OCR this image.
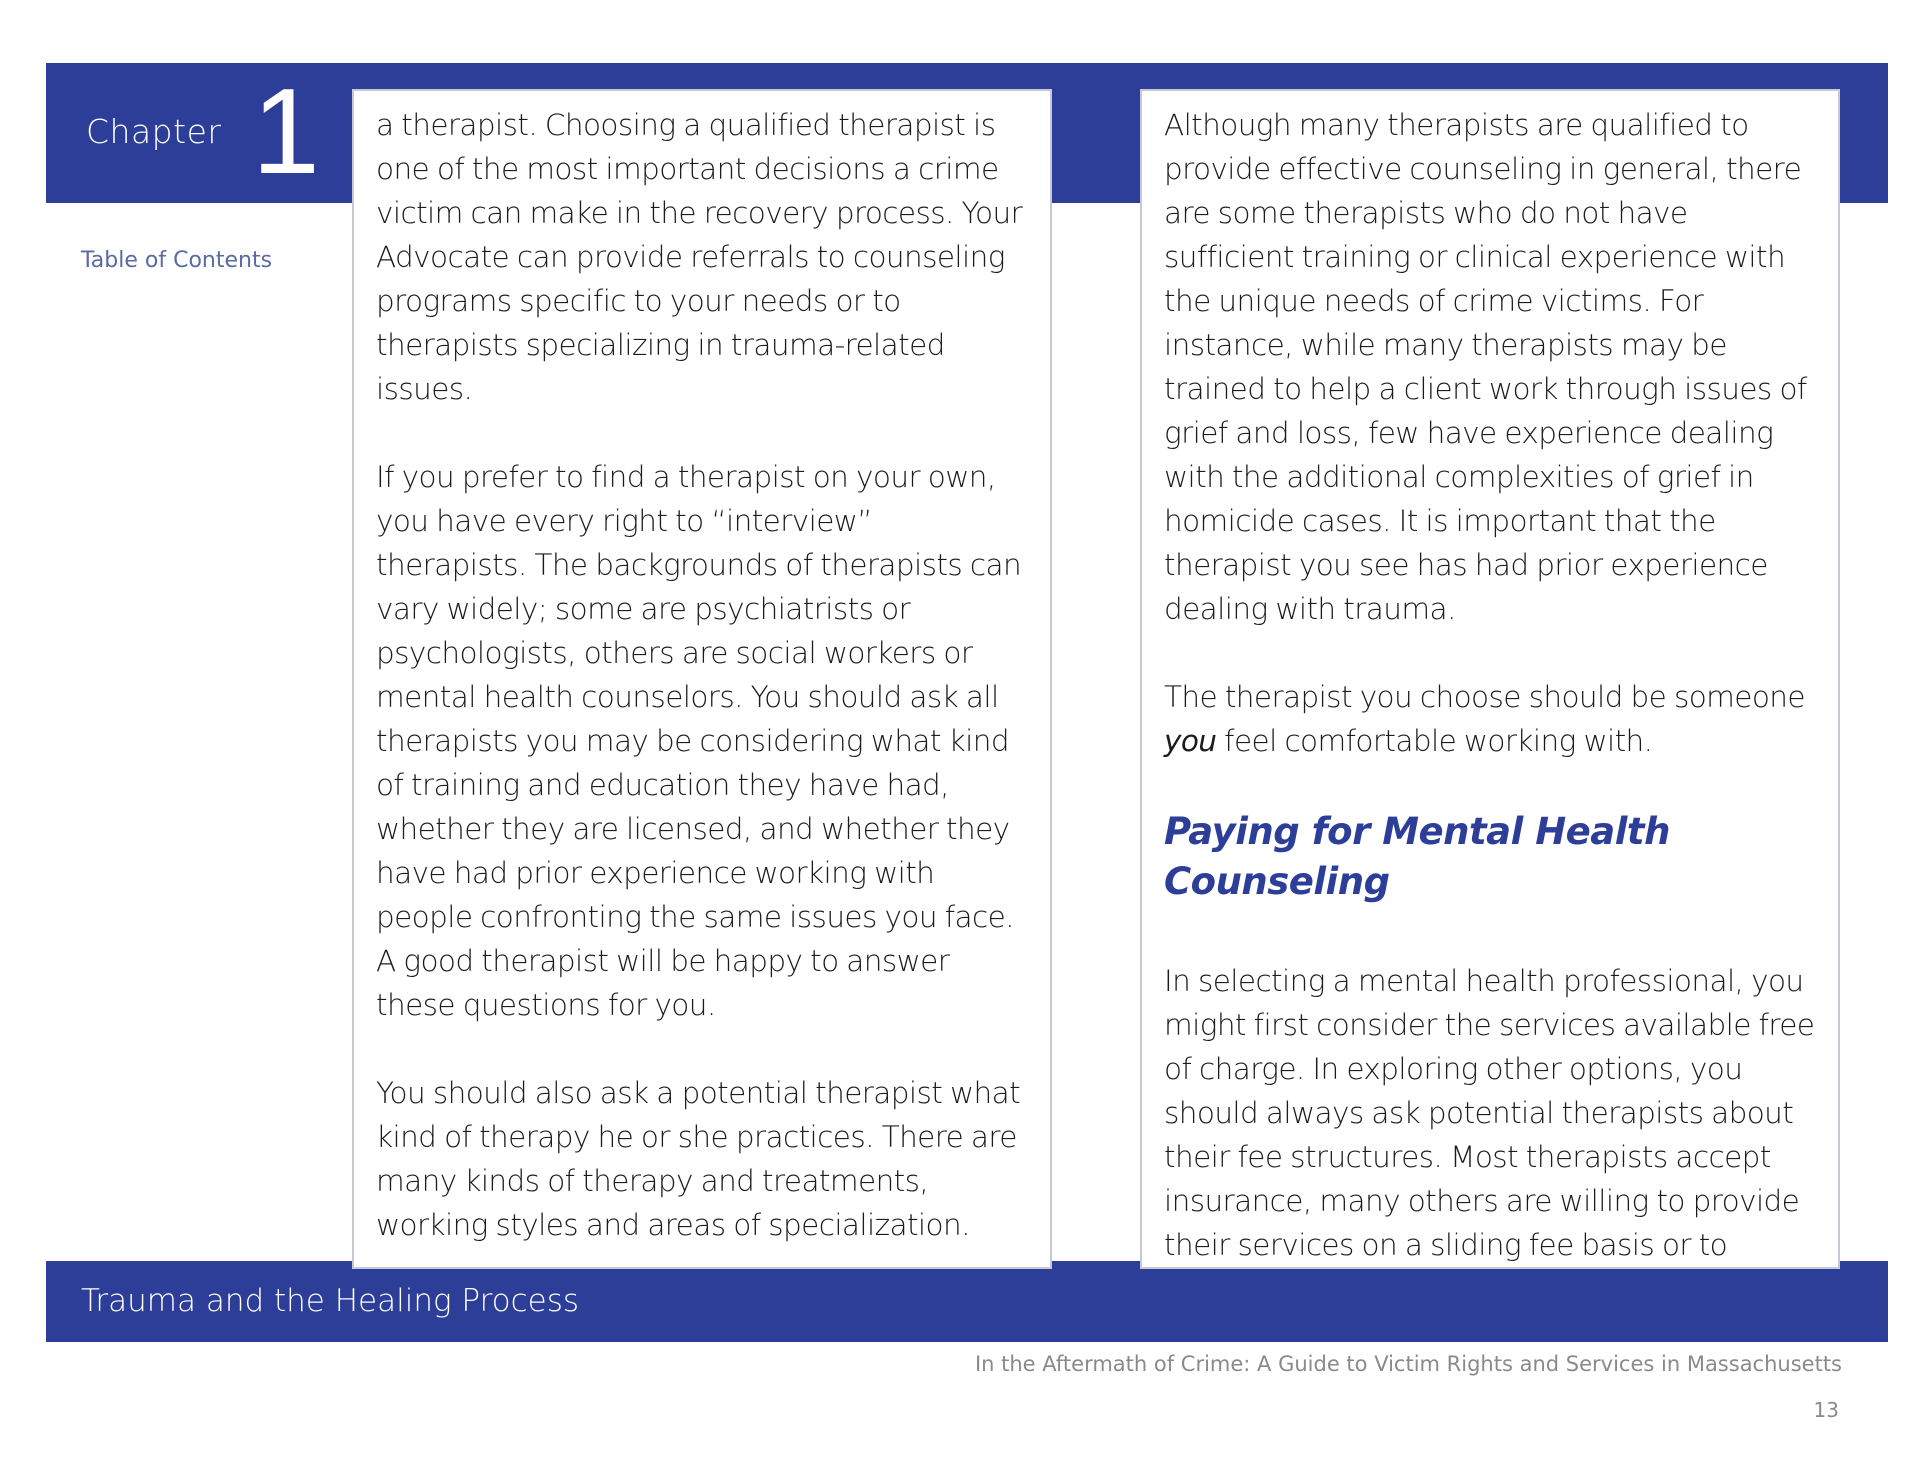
Chapter 1
Table of Contents
Trauma and the Healing Process
In the Aftermath of Crime: A Guide to Victim Rights and Services in Massachusetts
13

a therapist. Choosing a qualified therapist is one of the most important decisions a crime victim can make in the recovery process. Your Advocate can provide referrals to counseling programs specific to your needs or to therapists specializing in trauma-related issues.

If you prefer to find a therapist on your own, you have every right to “interview” therapists. The backgrounds of therapists can vary widely; some are psychiatrists or psychologists, others are social workers or mental health counselors. You should ask all therapists you may be considering what kind of training and education they have had, whether they are licensed, and whether they have had prior experience working with people confronting the same issues you face. A good therapist will be happy to answer these questions for you.

You should also ask a potential therapist what kind of therapy he or she practices. There are many kinds of therapy and treatments, working styles and areas of specialization.

Although many therapists are qualified to provide effective counseling in general, there are some therapists who do not have sufficient training or clinical experience with the unique needs of crime victims. For instance, while many therapists may be trained to help a client work through issues of grief and loss, few have experience dealing with the additional complexities of grief in homicide cases. It is important that the therapist you see has had prior experience dealing with trauma.

The therapist you choose should be someone you feel comfortable working with.

Paying for Mental Health Counseling

In selecting a mental health professional, you might first consider the services available free of charge. In exploring other options, you should always ask potential therapists about their fee structures. Most therapists accept insurance, many others are willing to provide their services on a sliding fee basis or to
